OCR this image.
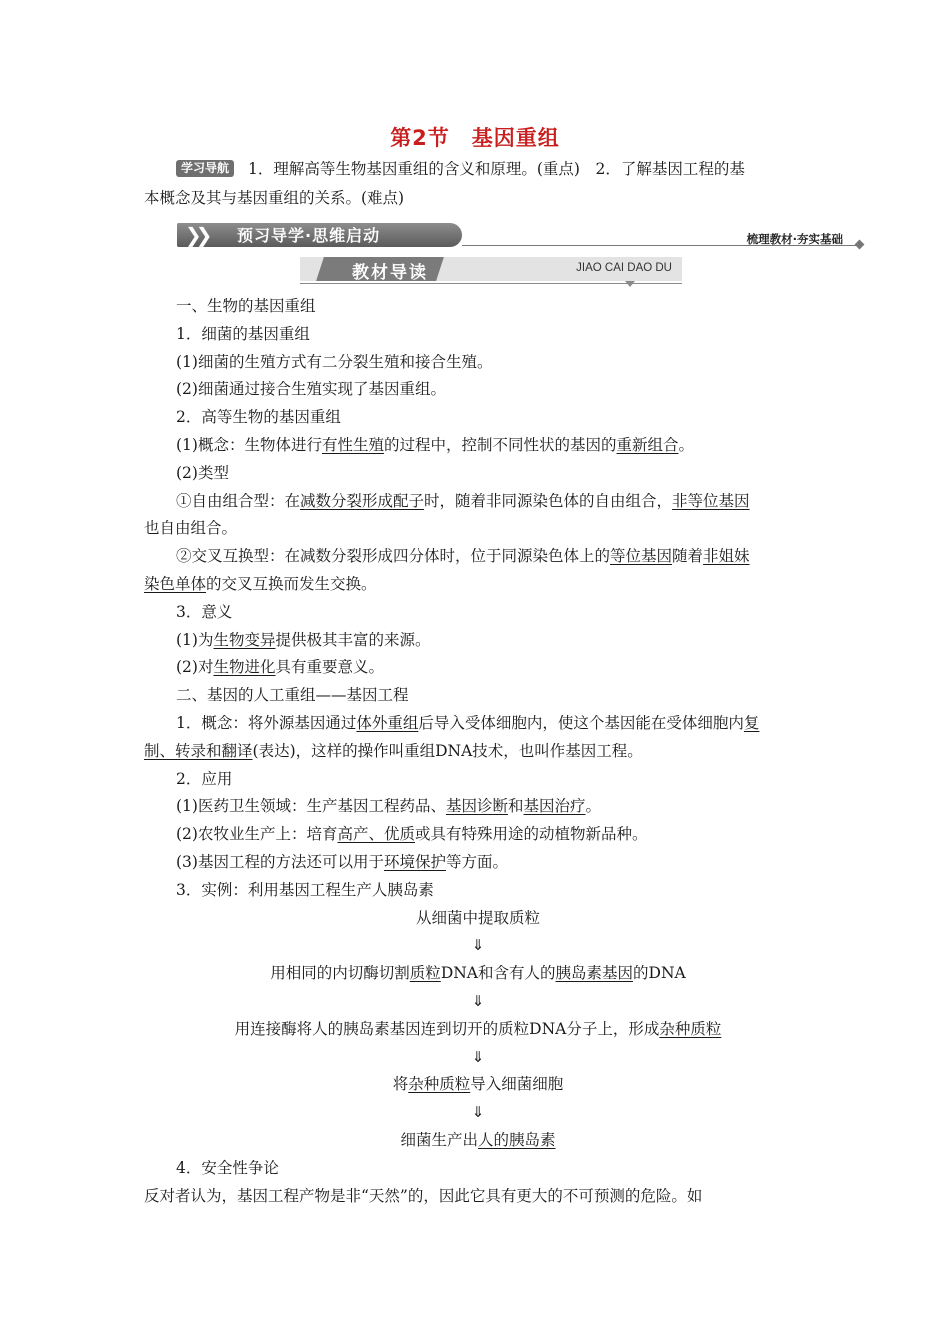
第2节　基因重组
学习导航 1．理解高等生物基因重组的含义和原理。(重点)　2．了解基因工程的基
本概念及其与基因重组的关系。(难点)
❯❯ 预习导学·思维启动	梳理教材·夯实基础
教材导读	JIAO CAI DAO DU

一、生物的基因重组

1．细菌的基因重组

(1)细菌的生殖方式有二分裂生殖和接合生殖。

(2)细菌通过接合生殖实现了基因重组。

2．高等生物的基因重组

(1)概念：生物体进行有性生殖的过程中，控制不同性状的基因的重新组合。

(2)类型

①自由组合型：在减数分裂形成配子时，随着非同源染色体的自由组合，非等位基因

也自由组合。

②交叉互换型：在减数分裂形成四分体时，位于同源染色体上的等位基因随着非姐妹

染色单体的交叉互换而发生交换。

3．意义

(1)为生物变异提供极其丰富的来源。

(2)对生物进化具有重要意义。

二、基因的人工重组——基因工程

1．概念：将外源基因通过体外重组后导入受体细胞内，使这个基因能在受体细胞内复

制、转录和翻译(表达)，这样的操作叫重组DNA技术，也叫作基因工程。

2．应用

(1)医药卫生领域：生产基因工程药品、基因诊断和基因治疗。

(2)农牧业生产上：培育高产、优质或具有特殊用途的动植物新品种。

(3)基因工程的方法还可以用于环境保护等方面。

3．实例：利用基因工程生产人胰岛素

从细菌中提取质粒

⇓

用相同的内切酶切割质粒DNA和含有人的胰岛素基因的DNA

⇓

用连接酶将人的胰岛素基因连到切开的质粒DNA分子上，形成杂种质粒

⇓

将杂种质粒导入细菌细胞

⇓

细菌生产出人的胰岛素

4．安全性争论

反对者认为，基因工程产物是非“天然”的，因此它具有更大的不可预测的危险。如
